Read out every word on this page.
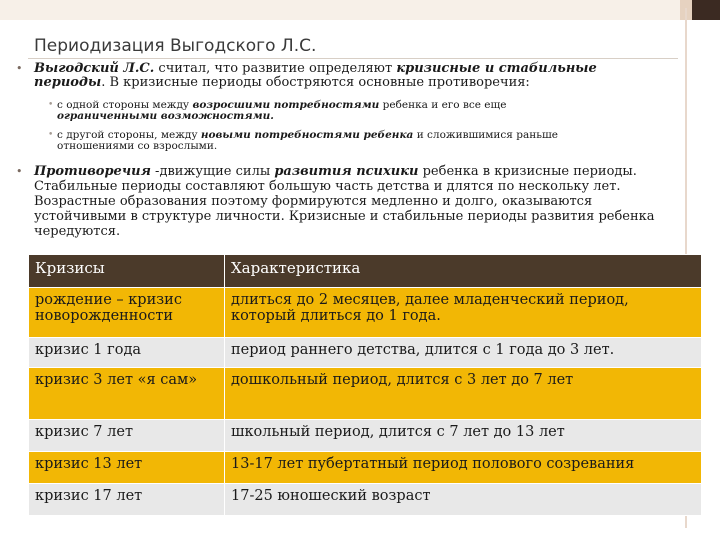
Периодизация Выгодского Л.С.
• Выгодский Л.С. считал, что развитие определяют кризисные и стабильные
периоды. В кризисные периоды обостряются основные противоречия:
• с одной стороны между возросшими потребностями ребенка и его все еще
ограниченными возможностями.
• с другой стороны, между новыми потребностями ребенка и сложившимися раньше
отношениями со взрослыми.
• Противоречия -движущие силы развития психики ребенка в кризисные периоды.
Стабильные периоды составляют большую часть детства и длятся по нескольку лет.
Возрастные образования поэтому формируются медленно и долго, оказываются
устойчивыми в структуре личности. Кризисные и стабильные периоды развития ребенка
чередуются.
Кризисы	Характеристика
рождение – кризис новорожденности	длиться до 2 месяцев, далее младенческий период, который длиться до 1 года.
кризис 1 года	период раннего детства, длится с 1 года до 3 лет.
кризис 3 лет «я сам»	дошкольный период, длится с 3 лет до 7 лет
кризис 7 лет	школьный период, длится с 7 лет до 13 лет
кризис 13 лет	13-17 лет пубертатный период полового созревания
кризис 17 лет	17-25 юношеский возраст
